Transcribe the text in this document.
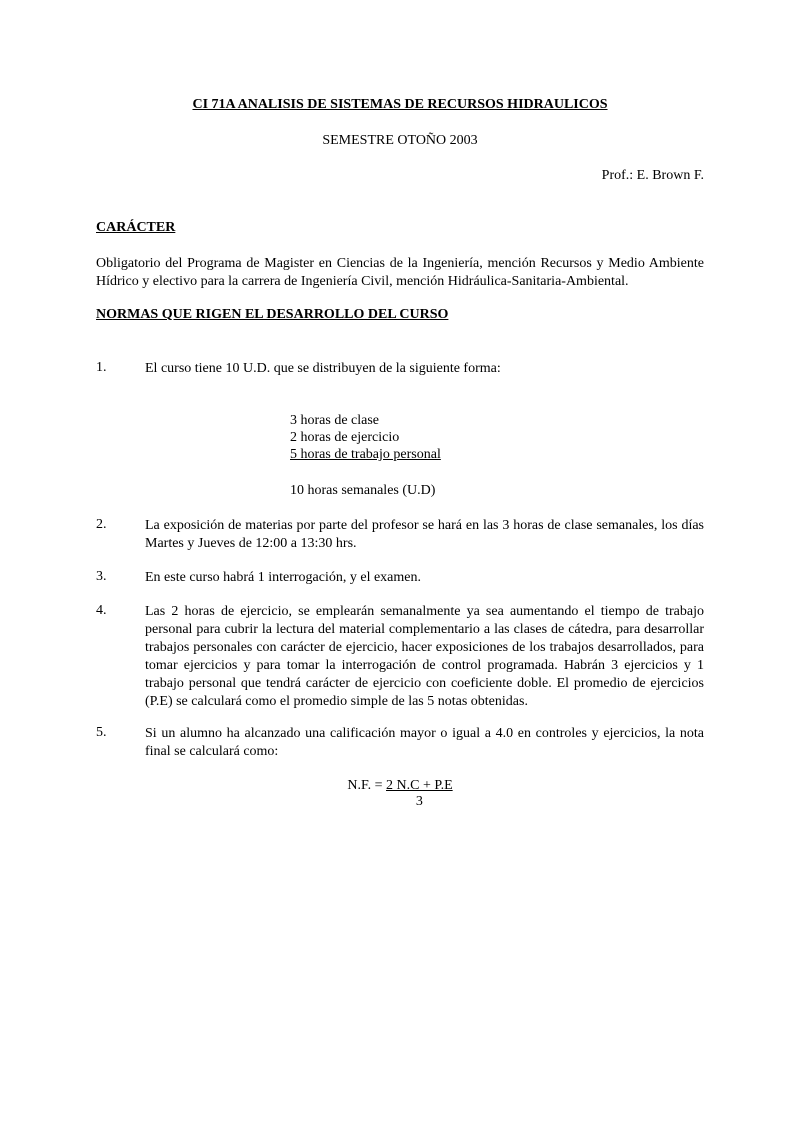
CI 71A ANALISIS DE SISTEMAS DE RECURSOS HIDRAULICOS
SEMESTRE OTOÑO 2003
Prof.: E. Brown F.
CARÁCTER
Obligatorio del Programa de Magister en Ciencias de la Ingeniería, mención Recursos y Medio Ambiente Hídrico y electivo para la carrera de Ingeniería Civil, mención Hidráulica-Sanitaria-Ambiental.
NORMAS QUE RIGEN EL DESARROLLO DEL CURSO
1.	El curso tiene 10 U.D. que se distribuyen de la siguiente forma:
3 horas de clase
2 horas de ejercicio
5 horas de trabajo personal
10 horas semanales (U.D)
2.	La exposición de materias por parte del profesor se hará en las 3 horas de clase semanales, los días Martes y Jueves de 12:00 a 13:30 hrs.
3.	En este curso habrá 1 interrogación, y el examen.
4.	Las 2 horas de ejercicio, se emplearán semanalmente ya sea aumentando el tiempo de trabajo personal para cubrir la lectura del material complementario a las clases de cátedra, para desarrollar trabajos personales con carácter de ejercicio, hacer exposiciones de los trabajos desarrollados, para tomar ejercicios y para tomar la interrogación de control programada. Habrán 3 ejercicios y 1 trabajo personal que tendrá carácter de ejercicio con coeficiente doble. El promedio de ejercicios (P.E) se calculará como el promedio simple de las 5 notas obtenidas.
5.	Si un alumno ha alcanzado una calificación mayor o igual a 4.0 en controles y ejercicios, la nota final se calculará como:
N.F. = $\frac{2 N.C + P.E}{3}$
